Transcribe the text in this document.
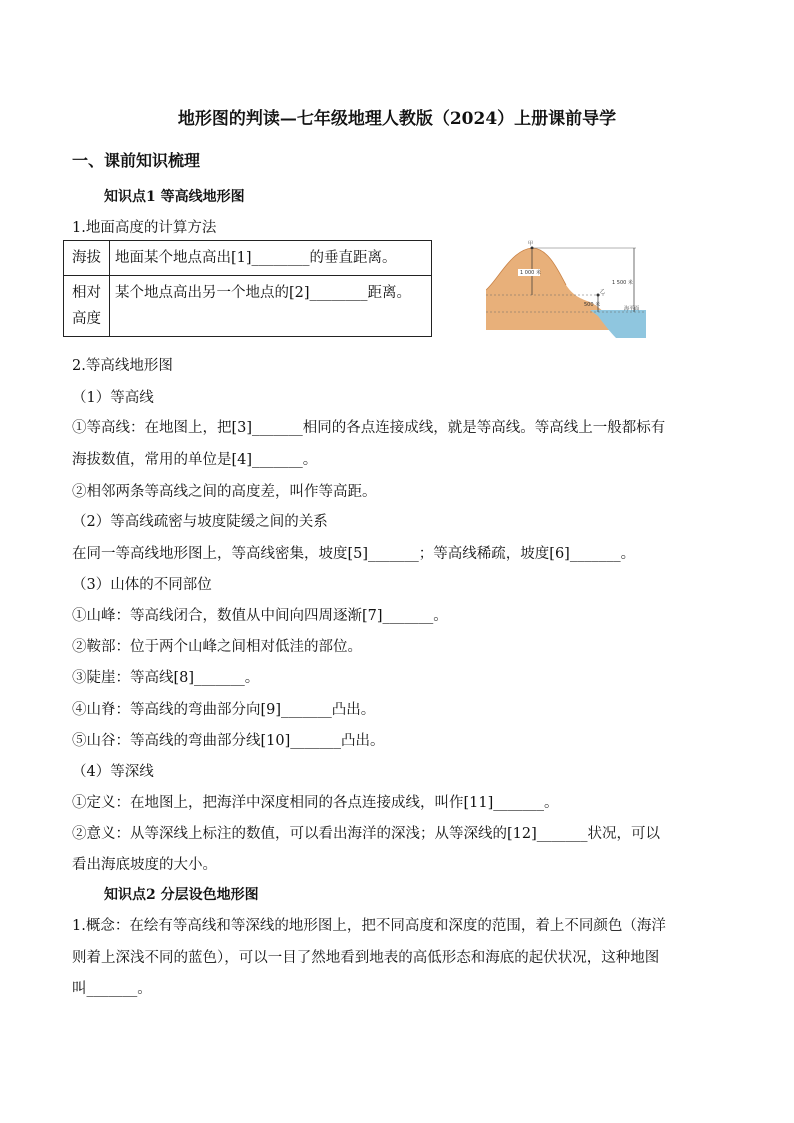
地形图的判读—七年级地理人教版（2024）上册课前导学
一、课前知识梳理
知识点1 等高线地形图
1.地面高度的计算方法
海拔	地面某个地点高出[1]________的垂直距离。
相对
高度	某个地点高出另一个地点的[2]________距离。
甲
乙
1 000 米
1 500 米
500 米
海平面
2.等高线地形图
（1）等高线
①等高线：在地图上，把[3]_______相同的各点连接成线，就是等高线。等高线上一般都标有
海拔数值，常用的单位是[4]_______。
②相邻两条等高线之间的高度差，叫作等高距。
（2）等高线疏密与坡度陡缓之间的关系
在同一等高线地形图上，等高线密集，坡度[5]_______；等高线稀疏，坡度[6]_______。
（3）山体的不同部位
①山峰：等高线闭合，数值从中间向四周逐渐[7]_______。
②鞍部：位于两个山峰之间相对低洼的部位。
③陡崖：等高线[8]_______。
④山脊：等高线的弯曲部分向[9]_______凸出。
⑤山谷：等高线的弯曲部分线[10]_______凸出。
（4）等深线
①定义：在地图上，把海洋中深度相同的各点连接成线，叫作[11]_______。
②意义：从等深线上标注的数值，可以看出海洋的深浅；从等深线的[12]_______状况，可以
看出海底坡度的大小。
知识点2 分层设色地形图
1.概念：在绘有等高线和等深线的地形图上，把不同高度和深度的范围，着上不同颜色（海洋
则着上深浅不同的蓝色），可以一目了然地看到地表的高低形态和海底的起伏状况，这种地图
叫_______。
